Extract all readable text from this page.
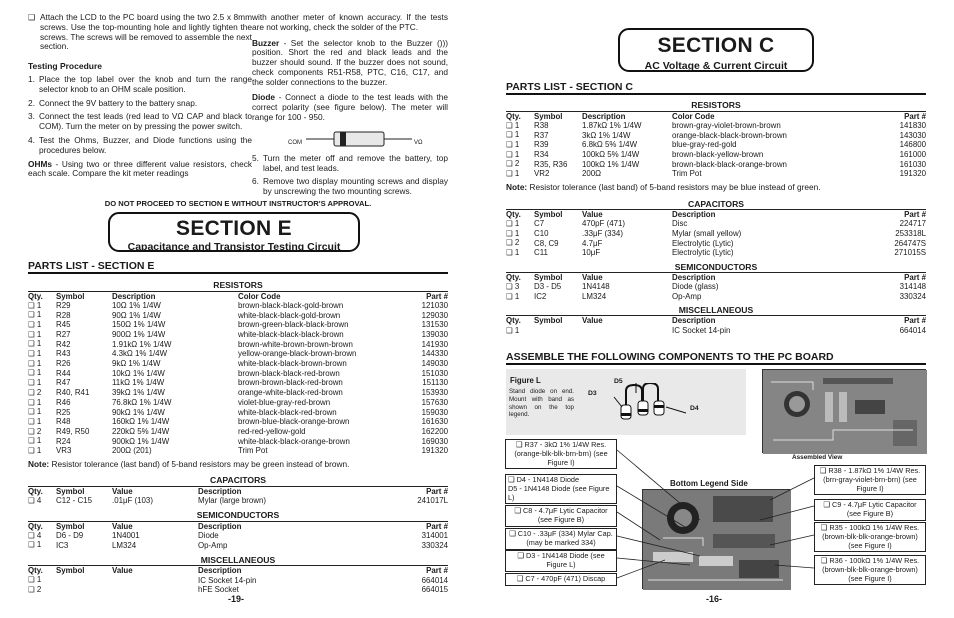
❑ Attach the LCD to the PC board using the two 2.5 x 8mm screws. Use the top-mounting hole and lightly tighten the screws. The screws will be removed to assemble the next section.

Testing Procedure

1. Place the top label over the knob and turn the range selector knob to an OHM scale position.
2. Connect the 9V battery to the battery snap.
3. Connect the test leads (red lead to VΩ CAP and black to COM). Turn the meter on by pressing the power switch.
4. Test the Ohms, Buzzer, and Diode functions using the procedures below.

OHMs - Using two or three different value resistors, check each scale. Compare the kit meter readings

with another meter of known accuracy. If the tests are not working, check the solder of the PTC.

Buzzer - Set the selector knob to the Buzzer ())) position. Short the red and black leads and the buzzer should sound. If the buzzer does not sound, check components R51-R58, PTC, C16, C17, and the solder connections to the buzzer.

Diode - Connect a diode to the test leads with the correct polarity (see figure below). The meter will range for 100 - 950.

COM	VΩ
5. Turn the meter off and remove the battery, top label, and test leads.
6. Remove two display mounting screws and display by unscrewing the two mounting screws.

DO NOT PROCEED TO SECTION E WITHOUT INSTRUCTOR'S APPROVAL.

SECTION E
Capacitance and Transistor Testing Circuit
PARTS LIST - SECTION E
RESISTORS
Qty.	Symbol	Description	Color Code	Part #
❑ 1	R29	10Ω 1% 1/4W	brown-black-black-gold-brown	121030
❑ 1	R28	90Ω 1% 1/4W	white-black-black-gold-brown	129030
❑ 1	R45	150Ω 1% 1/4W	brown-green-black-black-brown	131530
❑ 1	R27	900Ω 1% 1/4W	white-black-black-black-brown	139030
❑ 1	R42	1.91kΩ 1% 1/4W	brown-white-brown-brown-brown	141930
❑ 1	R43	4.3kΩ 1% 1/4W	yellow-orange-black-brown-brown	144330
❑ 1	R26	9kΩ 1% 1/4W	white-black-black-brown-brown	149030
❑ 1	R44	10kΩ 1% 1/4W	brown-black-black-red-brown	151030
❑ 1	R47	11kΩ 1% 1/4W	brown-brown-black-red-brown	151130
❑ 2	R40, R41	39kΩ 1% 1/4W	orange-white-black-red-brown	153930
❑ 1	R46	76.8kΩ 1% 1/4W	violet-blue-gray-red-brown	157630
❑ 1	R25	90kΩ 1% 1/4W	white-black-black-red-brown	159030
❑ 1	R48	160kΩ 1% 1/4W	brown-blue-black-orange-brown	161630
❑ 2	R49, R50	220kΩ 5% 1/4W	red-red-yellow-gold	162200
❑ 1	R24	900kΩ 1% 1/4W	white-black-black-orange-brown	169030
❑ 1	VR3	200Ω (201)	Trim Pot	191320

Note: Resistor tolerance (last band) of 5-band resistors may be green instead of brown.

CAPACITORS
Qty.	Symbol	Value	Description	Part #
❑ 4	C12 - C15	.01μF (103)	Mylar (large brown)	241017L
SEMICONDUCTORS
Qty.	Symbol	Value	Description	Part #
❑ 4	D6 - D9	1N4001	Diode	314001
❑ 1	IC3	LM324	Op-Amp	330324
MISCELLANEOUS
Qty.	Symbol	Value	Description	Part #
❑ 1			IC Socket 14-pin	664014
❑ 2			hFE Socket	664015

-19-

SECTION C
AC Voltage & Current Circuit
PARTS LIST - SECTION C
RESISTORS
Qty.	Symbol	Description	Color Code	Part #
❑ 1	R38	1.87kΩ 1% 1/4W	brown-gray-violet-brown-brown	141830
❑ 1	R37	3kΩ 1% 1/4W	orange-black-black-brown-brown	143030
❑ 1	R39	6.8kΩ 5% 1/4W	blue-gray-red-gold	146800
❑ 1	R34	100kΩ 5% 1/4W	brown-black-yellow-brown	161000
❑ 2	R35, R36	100kΩ 1% 1/4W	brown-black-black-orange-brown	161030
❑ 1	VR2	200Ω	Trim Pot	191320

Note: Resistor tolerance (last band) of 5-band resistors may be blue instead of green.

CAPACITORS
Qty.	Symbol	Value	Description	Part #
❑ 1	C7	470pF (471)	Disc	224717
❑ 1	C10	.33μF (334)	Mylar (small yellow)	253318L
❑ 2	C8, C9	4.7μF	Electrolytic (Lytic)	264747S
❑ 1	C11	10μF	Electrolytic (Lytic)	271015S
SEMICONDUCTORS
Qty.	Symbol	Value	Description	Part #
❑ 3	D3 - D5	1N4148	Diode (glass)	314148
❑ 1	IC2	LM324	Op-Amp	330324
MISCELLANEOUS
Qty.	Symbol	Value	Description	Part #
❑ 1			IC Socket 14-pin	664014
ASSEMBLE THE FOLLOWING COMPONENTS TO THE PC BOARD
Figure L

Stand diode on end. Mount with band as shown on the top legend.

D5
D3
D4
Assembled View
Bottom Legend Side
❑ R37 - 3kΩ 1% 1/4W Res. (orange-blk-blk-brn-brn) (see Figure I)
❑ D4 - 1N4148 Diode
D5 - 1N4148 Diode (see Figure L)
❑ C8 - 4.7μF Lytic Capacitor (see Figure B)
❑ C10 - .33μF (334) Mylar Cap. (may be marked 334)
❑ D3 - 1N4148 Diode (see Figure L)
❑ C7 - 470pF (471) Discap
❑ R38 - 1.87kΩ 1% 1/4W Res. (brn-gray-violet-brn-brn) (see Figure I)
❑ C9 - 4.7μF Lytic Capacitor (see Figure B)
❑ R35 - 100kΩ 1% 1/4W Res. (brown-blk-blk-orange-brown) (see Figure I)
❑ R36 - 100kΩ 1% 1/4W Res. (brown-blk-blk-orange-brown) (see Figure I)

-16-
